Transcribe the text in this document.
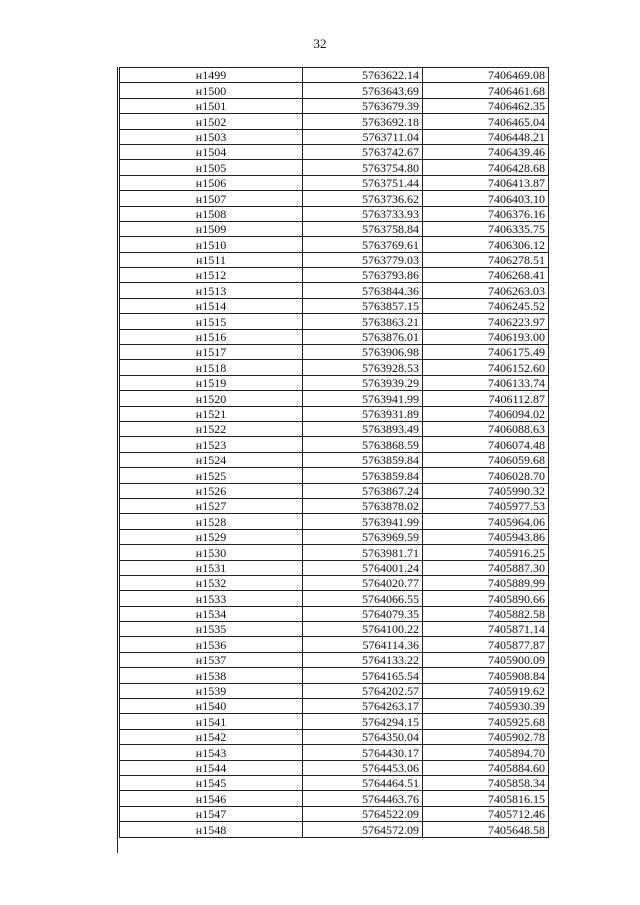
32
н1499	5763622.14	7406469.08
н1500	5763643.69	7406461.68
н1501	5763679.39	7406462.35
н1502	5763692.18	7406465.04
н1503	5763711.04	7406448.21
н1504	5763742.67	7406439.46
н1505	5763754.80	7406428.68
н1506	5763751.44	7406413.87
н1507	5763736.62	7406403.10
н1508	5763733.93	7406376.16
н1509	5763758.84	7406335.75
н1510	5763769.61	7406306.12
н1511	5763779.03	7406278.51
н1512	5763793.86	7406268.41
н1513	5763844.36	7406263.03
н1514	5763857.15	7406245.52
н1515	5763863.21	7406223.97
н1516	5763876.01	7406193.00
н1517	5763906.98	7406175.49
н1518	5763928.53	7406152.60
н1519	5763939.29	7406133.74
н1520	5763941.99	7406112.87
н1521	5763931.89	7406094.02
н1522	5763893.49	7406088.63
н1523	5763868.59	7406074.48
н1524	5763859.84	7406059.68
н1525	5763859.84	7406028.70
н1526	5763867.24	7405990.32
н1527	5763878.02	7405977.53
н1528	5763941.99	7405964.06
н1529	5763969.59	7405943.86
н1530	5763981.71	7405916.25
н1531	5764001.24	7405887.30
н1532	5764020.77	7405889.99
н1533	5764066.55	7405890.66
н1534	5764079.35	7405882.58
н1535	5764100.22	7405871.14
н1536	5764114.36	7405877.87
н1537	5764133.22	7405900.09
н1538	5764165.54	7405908.84
н1539	5764202.57	7405919.62
н1540	5764263.17	7405930.39
н1541	5764294.15	7405925.68
н1542	5764350.04	7405902.78
н1543	5764430.17	7405894.70
н1544	5764453.06	7405884.60
н1545	5764464.51	7405858.34
н1546	5764463.76	7405816.15
н1547	5764522.09	7405712.46
н1548	5764572.09	7405648.58
